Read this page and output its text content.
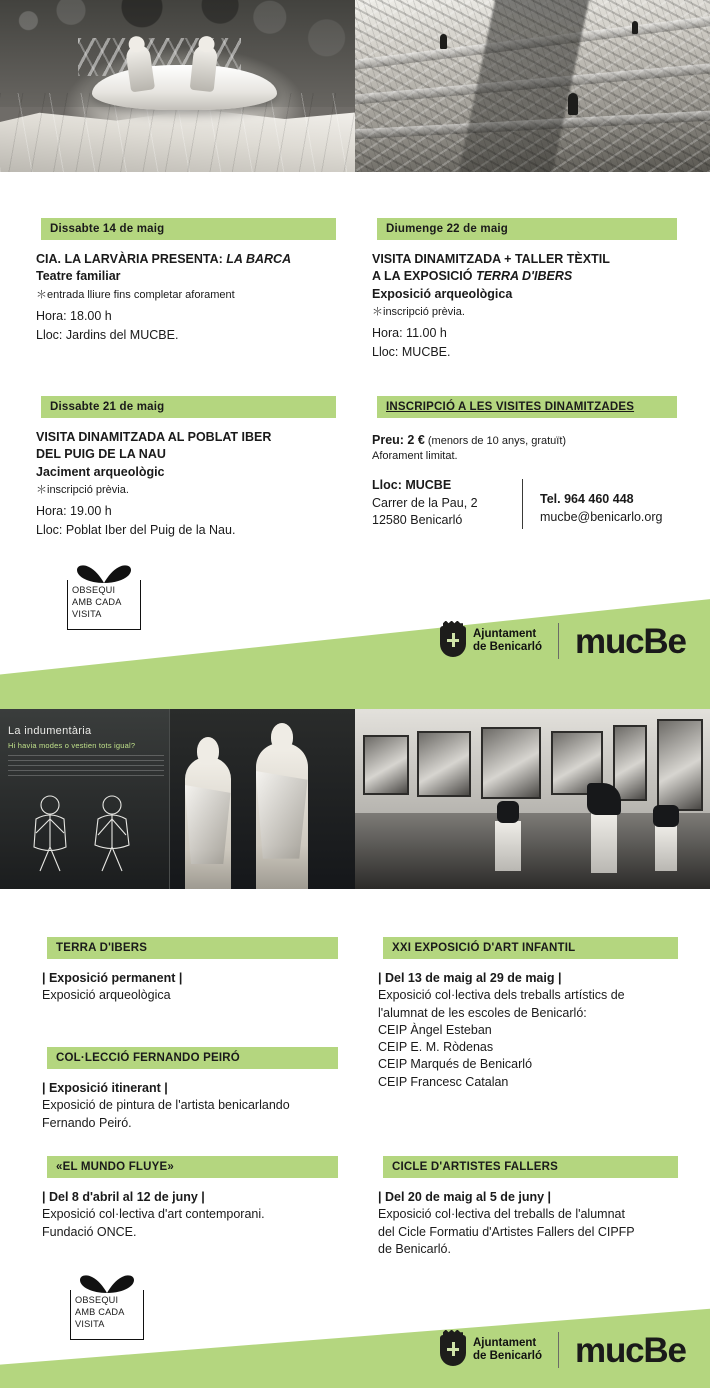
Dissabte 14 de maig
CIA. LA LARVÀRIA PRESENTA: LA BARCA
Teatre familiar
＊entrada lliure fins completar aforament
Hora: 18.00 h
Lloc: Jardins del MUCBE.
Diumenge 22 de maig
VISITA DINAMITZADA + TALLER TÈXTIL
A LA EXPOSICIÓ TERRA D'IBERS
Exposició arqueològica
＊inscripció prèvia.
Hora: 11.00 h
Lloc: MUCBE.
Dissabte 21 de maig
VISITA DINAMITZADA AL POBLAT IBER
DEL PUIG DE LA NAU
Jaciment arqueològic
＊inscripció prèvia.
Hora: 19.00 h
Lloc: Poblat Iber del Puig de la Nau.
INSCRIPCIÓ A LES VISITES DINAMITZADES
Preu: 2 € (menors de 10 anys, gratuït)
Aforament limitat.
Lloc: MUCBE
Carrer de la Pau, 2
12580 Benicarló
Tel. 964 460 448
mucbe@benicarlo.org
OBSEQUI
AMB CADA
VISITA
Ajuntament
de Benicarló mucBe
La indumentària
Hi havia modes o vestien tots igual?
TERRA D'IBERS
| Exposició permanent |
Exposició arqueològica
XXI EXPOSICIÓ D'ART INFANTIL
| Del 13 de maig al 29 de maig |
Exposició col·lectiva dels treballs artístics de
l'alumnat de les escoles de Benicarló:
CEIP Àngel Esteban
CEIP E. M. Ròdenas
CEIP Marqués de Benicarló
CEIP Francesc Catalan
COL·LECCIÓ FERNANDO PEIRÓ
| Exposició itinerant |
Exposició de pintura de l'artista benicarlando
Fernando Peiró.
«EL MUNDO FLUYE»
| Del 8 d'abril al 12 de juny |
Exposició col·lectiva d'art contemporani.
Fundació ONCE.
CICLE D'ARTISTES FALLERS
| Del 20 de maig al 5 de juny |
Exposició col·lectiva del treballs de l'alumnat
del Cicle Formatiu d'Artistes Fallers del CIPFP
de Benicarló.
OBSEQUI
AMB CADA
VISITA
Ajuntament
de Benicarló mucBe
